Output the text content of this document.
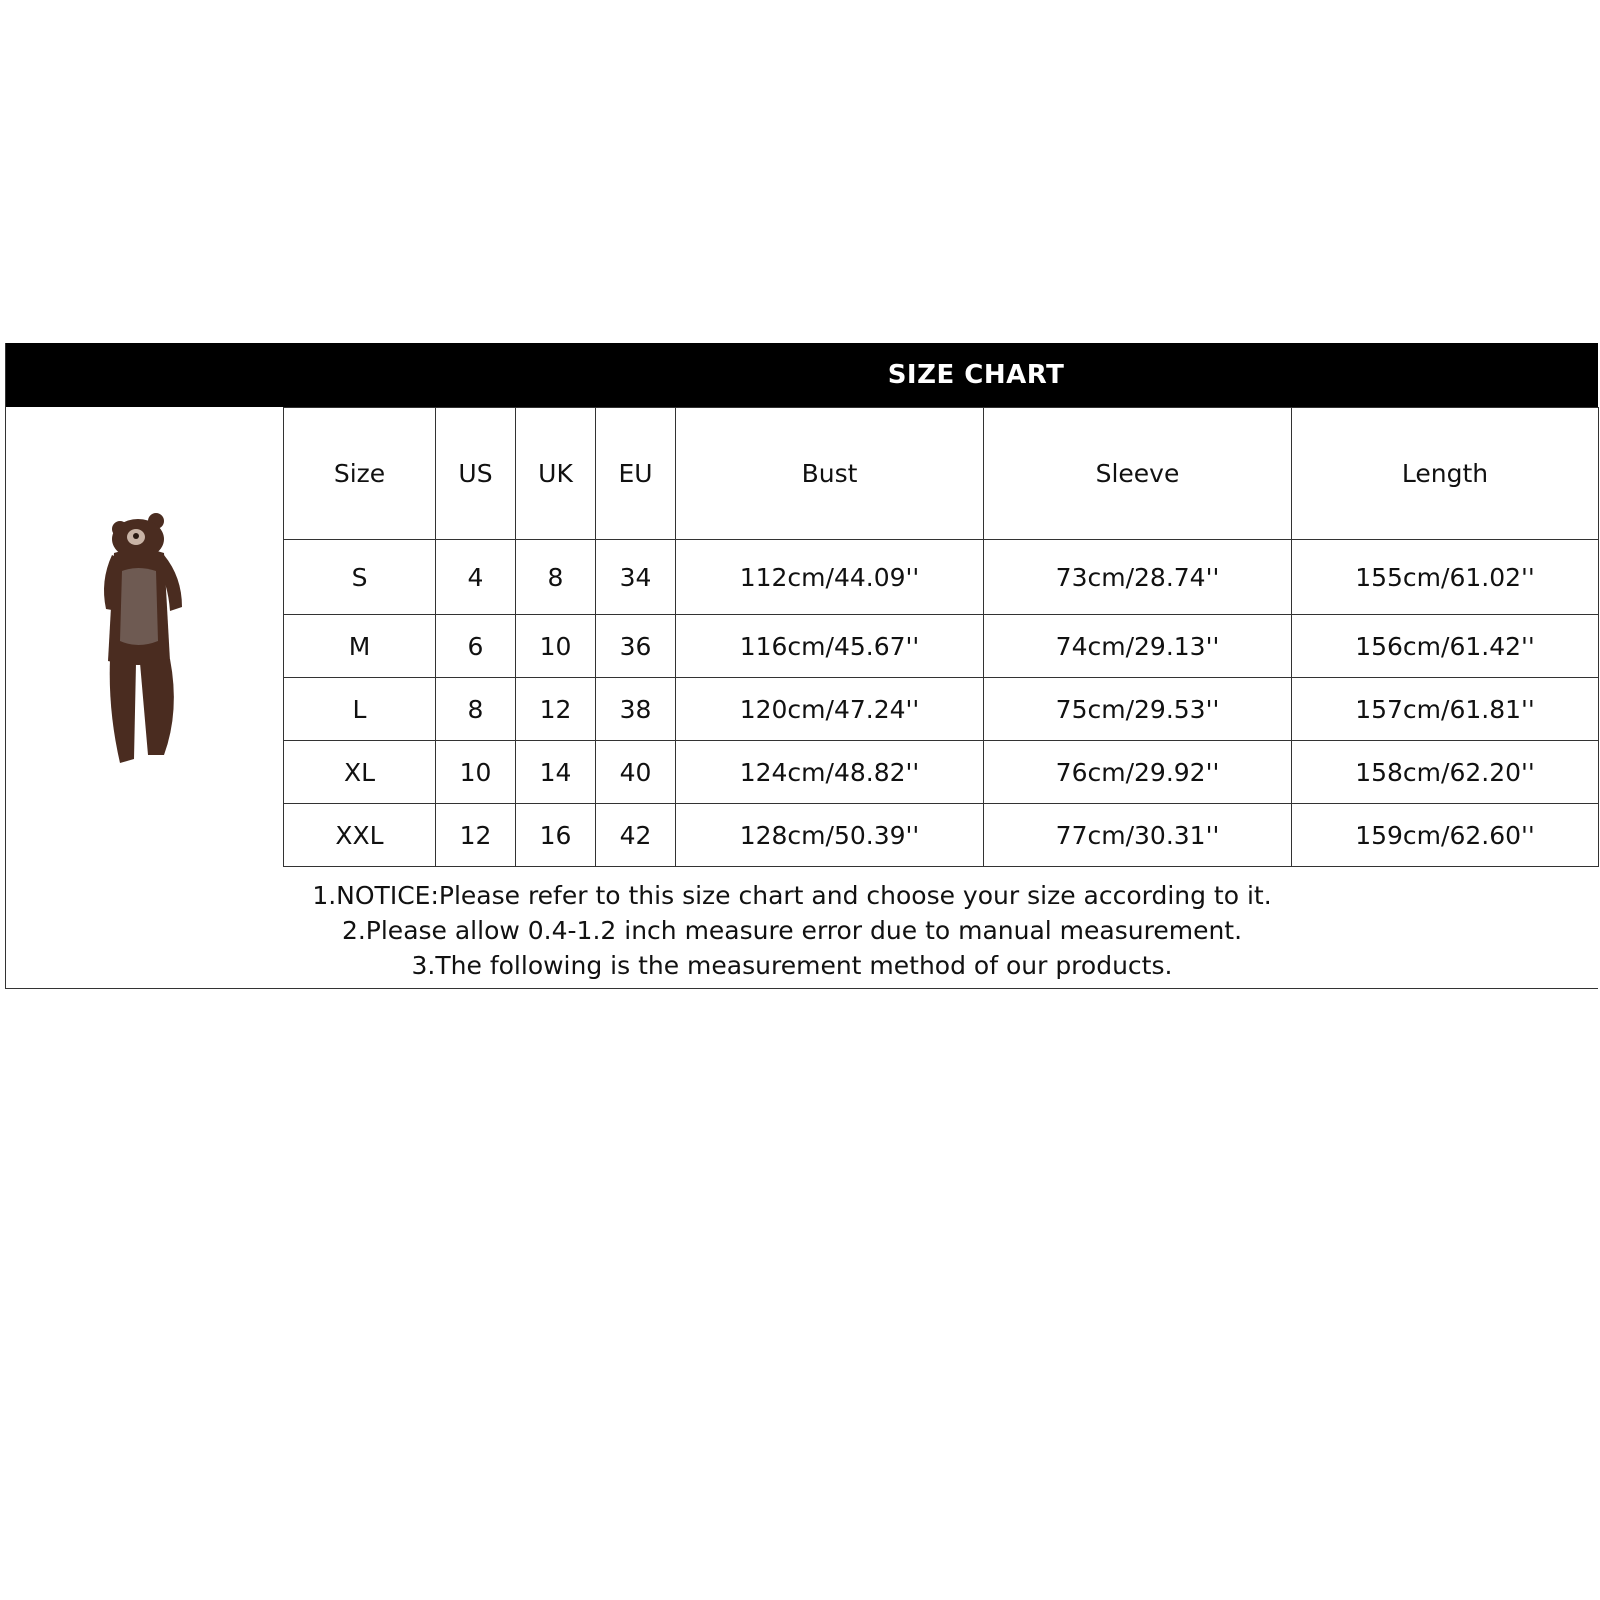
SIZE CHART
Size	US	UK	EU	Bust	Sleeve	Length
S	4	8	34	112cm/44.09''	73cm/28.74''	155cm/61.02''
M	6	10	36	116cm/45.67''	74cm/29.13''	156cm/61.42''
L	8	12	38	120cm/47.24''	75cm/29.53''	157cm/61.81''
XL	10	14	40	124cm/48.82''	76cm/29.92''	158cm/62.20''
XXL	12	16	42	128cm/50.39''	77cm/30.31''	159cm/62.60''
1.NOTICE:Please refer to this size chart and choose your size according to it.
2.Please allow 0.4-1.2 inch measure error due to manual measurement.
3.The following is the measurement method of our products.
